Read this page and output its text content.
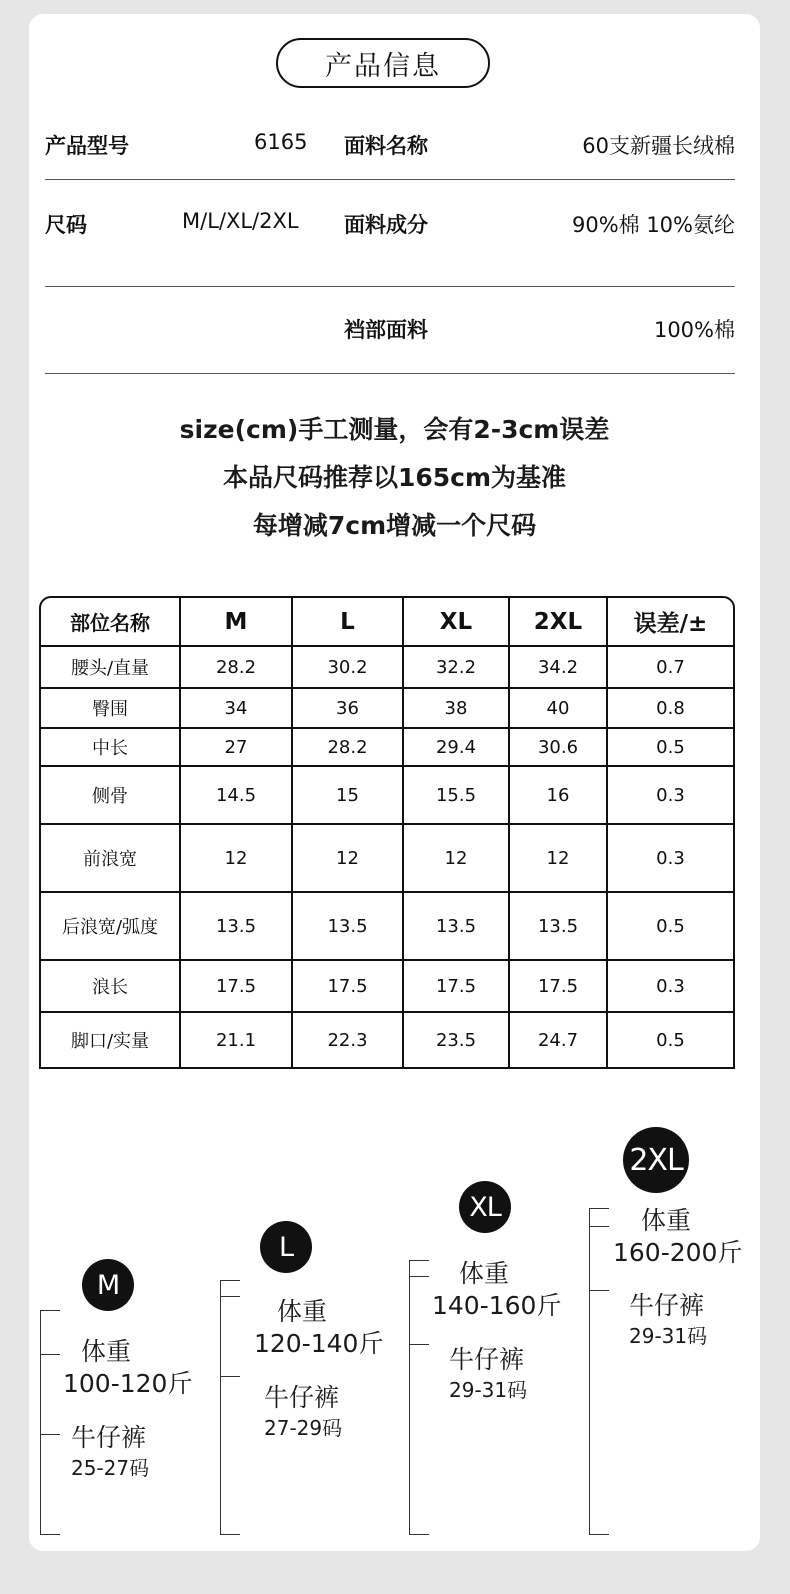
产品信息
产品型号	6165 面料名称	60支新疆长绒棉
尺码	M/L/XL/2XL 面料成分	90%棉 10%氨纶
裆部面料	100%棉
size(cm)手工测量，会有2-3cm误差
本品尺码推荐以165cm为基准
每增减7cm增减一个尺码
部位名称	M	L	XL	2XL	误差/±
腰头/直量	28.2	30.2	32.2	34.2	0.7
臀围	34	36	38	40	0.8
中长	27	28.2	29.4	30.6	0.5
侧骨	14.5	15	15.5	16	0.3
前浪宽	12	12	12	12	0.3
后浪宽/弧度	13.5	13.5	13.5	13.5	0.5
浪长	17.5	17.5	17.5	17.5	0.3
脚口/实量	21.1	22.3	23.5	24.7	0.5
M
体重
100-120斤
牛仔裤
25-27码
L
体重
120-140斤
牛仔裤
27-29码
XL
体重
140-160斤
牛仔裤
29-31码
2XL
体重
160-200斤
牛仔裤
29-31码
